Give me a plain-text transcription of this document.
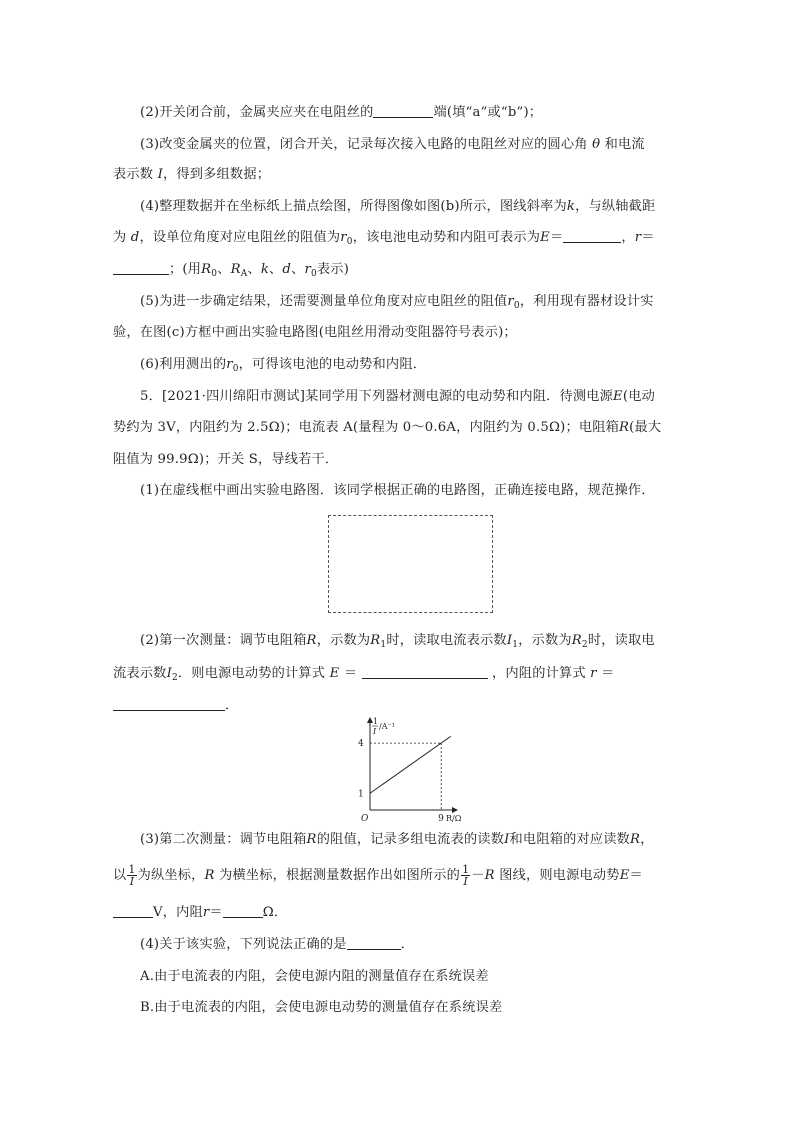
(2)开关闭合前，金属夹应夹在电阻丝的	端(填“a”或“b”)；
(3)改变金属夹的位置，闭合开关，记录每次接入电路的电阻丝对应的圆心角 θ 和电流
表示数 I，得到多组数据；
(4)整理数据并在坐标纸上描点绘图，所得图像如图(b)所示，图线斜率为k，与纵轴截距
为 d，设单位角度对应电阻丝的阻值为$r_0$，该电池电动势和内阻可表示为E＝	，r＝
；(用$R_0$、$R_A$、k、d、$r_0$表示)
(5)为进一步确定结果，还需要测量单位角度对应电阻丝的阻值$r_0$，利用现有器材设计实
验，在图(c)方框中画出实验电路图(电阻丝用滑动变阻器符号表示)；
(6)利用测出的$r_0$，可得该电池的电动势和内阻．
5．[2021·四川绵阳市测试]某同学用下列器材测电源的电动势和内阻．待测电源E(电动
势约为 3V，内阻约为 2.5Ω)；电流表 A(量程为 0～0.6A，内阻约为 0.5Ω)；电阻箱R(最大
阻值为 99.9Ω)；开关 S，导线若干．
(1)在虚线框中画出实验电路图．该同学根据正确的电路图，正确连接电路，规范操作．
(2)第一次测量：调节电阻箱R，示数为$R_1$时，读取电流表示数$I_1$，示数为$R_2$时，读取电
流表示数$I_2$．则电源电动势的计算式 E ＝	，内阻的计算式 r ＝
．
1
I
/A⁻¹
4
1
O	9 R/Ω
(3)第二次测量：调节电阻箱R的阻值，记录多组电流表的读数I和电阻箱的对应读数R，
以 $\frac{1}{I}$ 为纵坐标，R 为横坐标，根据测量数据作出如图所示的 $\frac{1}{I} -R$ 图线，则电源电动势E＝
V，内阻r＝	Ω．
(4)关于该实验，下列说法正确的是	．
A.由于电流表的内阻，会使电源内阻的测量值存在系统误差
B.由于电流表的内阻，会使电源电动势的测量值存在系统误差
